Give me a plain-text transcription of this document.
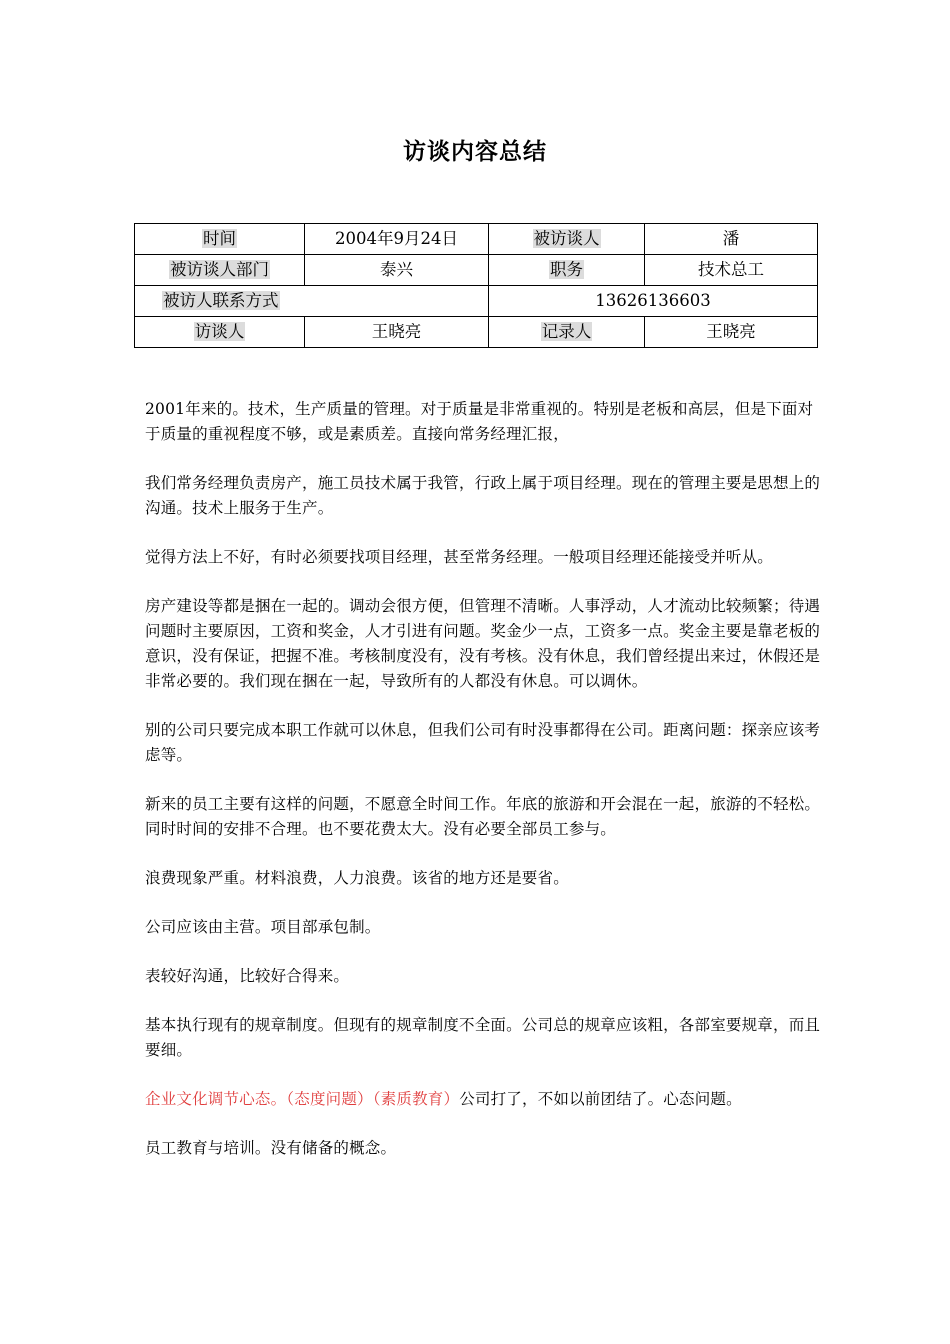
访谈内容总结
时间	2004年9月24日	被访谈人	潘
被访谈人部门	泰兴	职务	技术总工
被访人联系方式		13626136603	
访谈人	王晓亮	记录人	王晓亮

2001年来的。技术，生产质量的管理。对于质量是非常重视的。特别是老板和高层，但是下面对于质量的重视程度不够，或是素质差。直接向常务经理汇报，

我们常务经理负责房产，施工员技术属于我管，行政上属于项目经理。现在的管理主要是思想上的沟通。技术上服务于生产。

觉得方法上不好，有时必须要找项目经理，甚至常务经理。一般项目经理还能接受并听从。

房产建设等都是捆在一起的。调动会很方便，但管理不清晰。人事浮动，人才流动比较频繁；待遇问题时主要原因，工资和奖金，人才引进有问题。奖金少一点，工资多一点。奖金主要是靠老板的意识，没有保证，把握不准。考核制度没有，没有考核。没有休息，我们曾经提出来过，休假还是非常必要的。我们现在捆在一起，导致所有的人都没有休息。可以调休。

别的公司只要完成本职工作就可以休息，但我们公司有时没事都得在公司。距离问题：探亲应该考虑等。

新来的员工主要有这样的问题，不愿意全时间工作。年底的旅游和开会混在一起，旅游的不轻松。同时时间的安排不合理。也不要花费太大。没有必要全部员工参与。

浪费现象严重。材料浪费，人力浪费。该省的地方还是要省。

公司应该由主营。项目部承包制。

表较好沟通，比较好合得来。

基本执行现有的规章制度。但现有的规章制度不全面。公司总的规章应该粗，各部室要规章，而且要细。

企业文化调节心态。（态度问题）（素质教育）公司打了，不如以前团结了。心态问题。

员工教育与培训。没有储备的概念。
